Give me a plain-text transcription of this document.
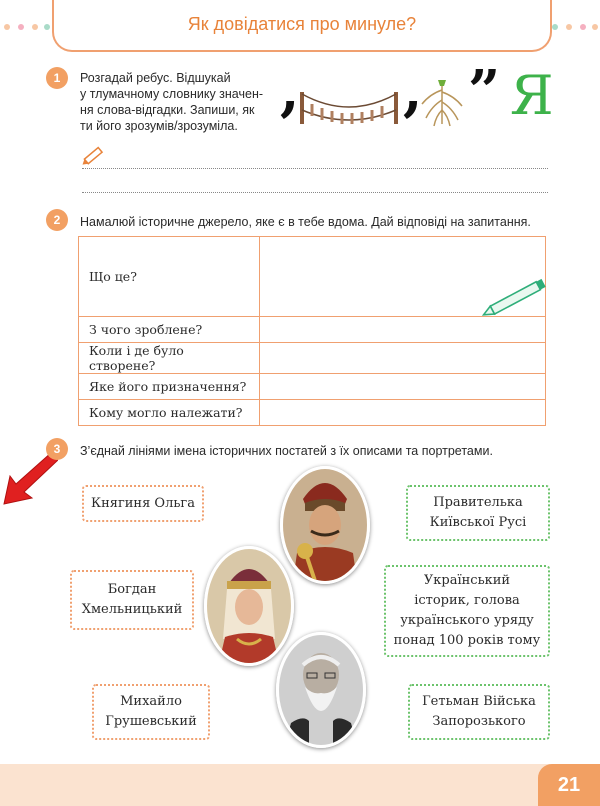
Як довідатися про минуле?
1	Розгадай ребус. Відшукай
у тлумачному словнику значен-
ня слова-відгадки. Запиши, як
ти його зрозумів/зрозуміла.
, , ” Я
2	Намалюй історичне джерело, яке є в тебе вдома. Дай відповіді на запитання.
Що це?	

З чого зроблене?	
Коли і де було створене?	
Яке його призначення?	
Кому могло належати?	
3	З’єднай лініями імена історичних постатей з їх описами та портретами.
Княгиня Ольга
Богдан
Хмельницький
Михайло
Грушевський
Правителька
Київської Русі
Український
історик, голова
українського уряду
понад 100 років тому
Гетьман Війська
Запорозького
21
